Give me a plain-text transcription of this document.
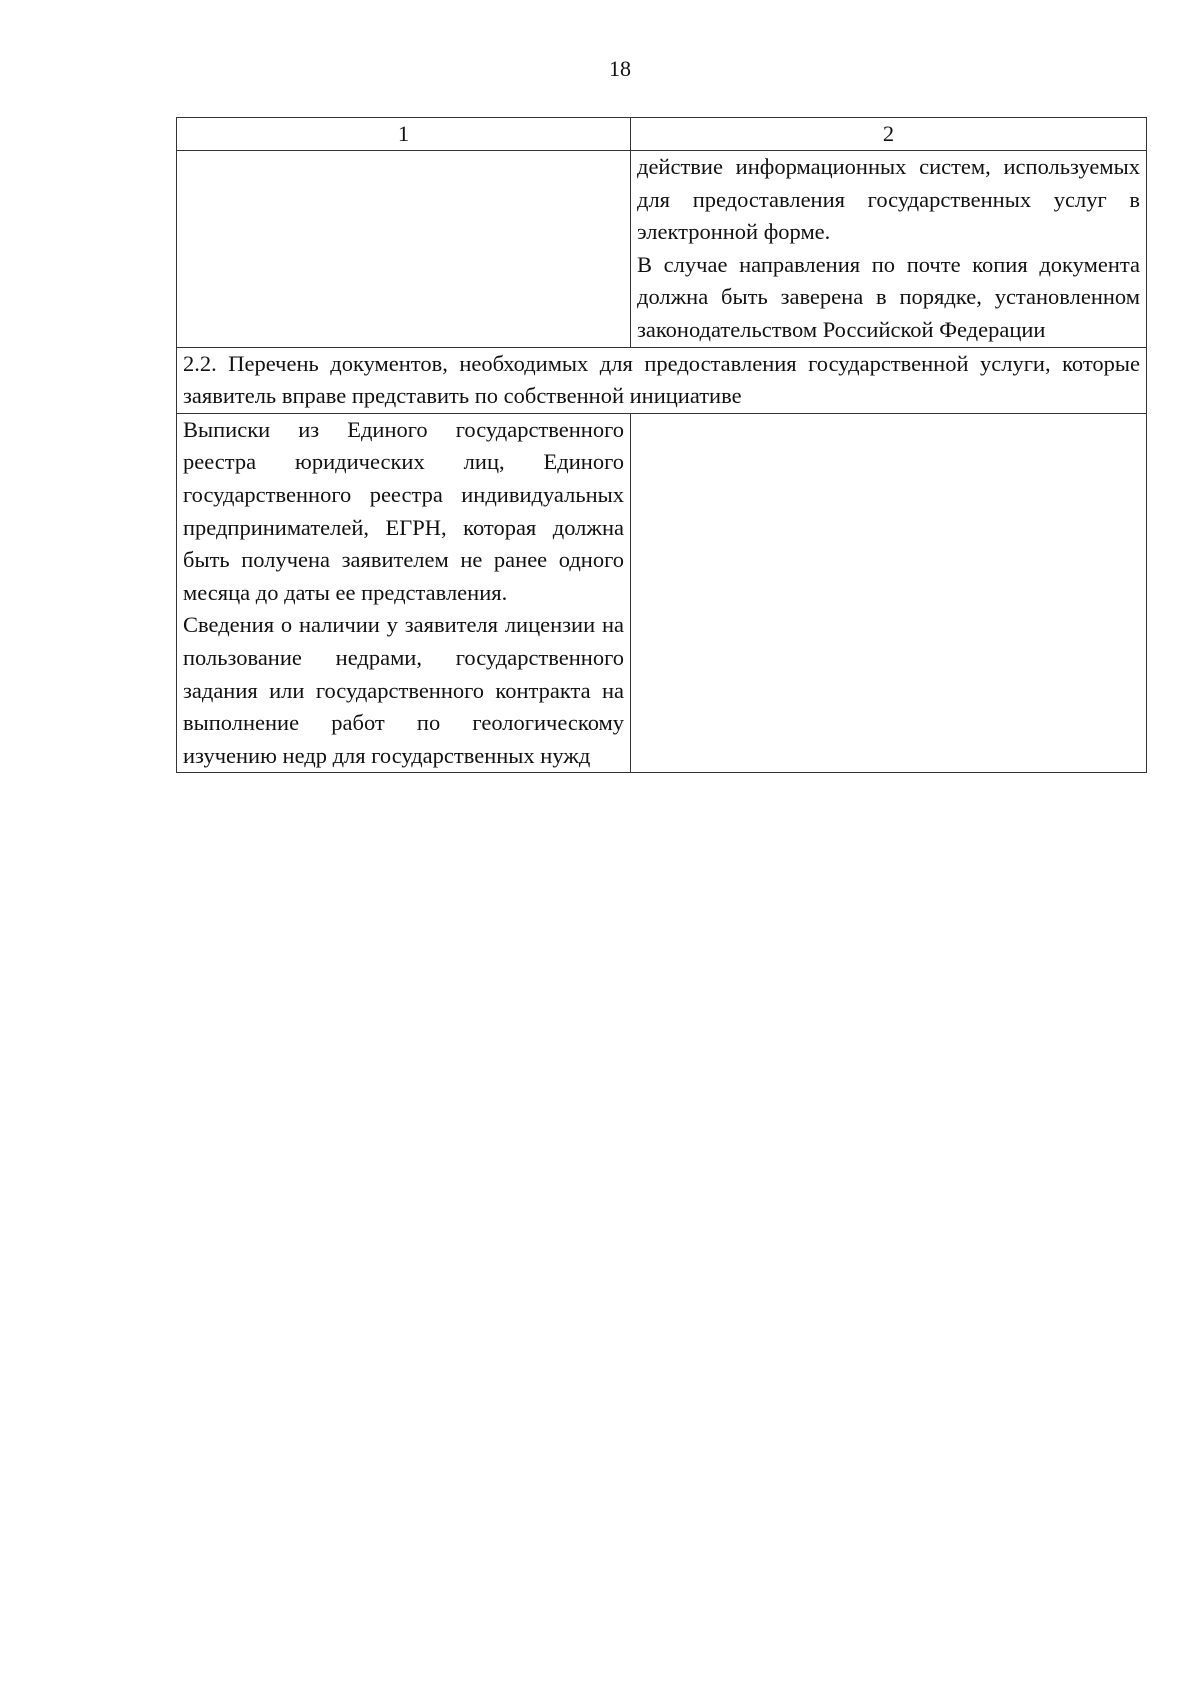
18
1	2

	действие информационных систем, используемых для предоставления государственных услуг в электронной форме.
В случае направления по почте копия документа должна быть заверена в порядке, установленном законодательством Российской Федерации

2.2. Перечень документов, необходимых для предоставления государственной услуги, которые заявитель вправе представить по собственной инициативе	

Выписки из Единого государственного реестра юридических лиц, Единого государственного реестра индивидуальных предпринимателей, ЕГРН, которая должна быть получена заявителем не ранее одного месяца до даты ее представления.
Сведения о наличии у заявителя лицензии на пользование недрами, государственного задания или государственного контракта на выполнение работ по геологическому изучению недр для государственных нужд	
